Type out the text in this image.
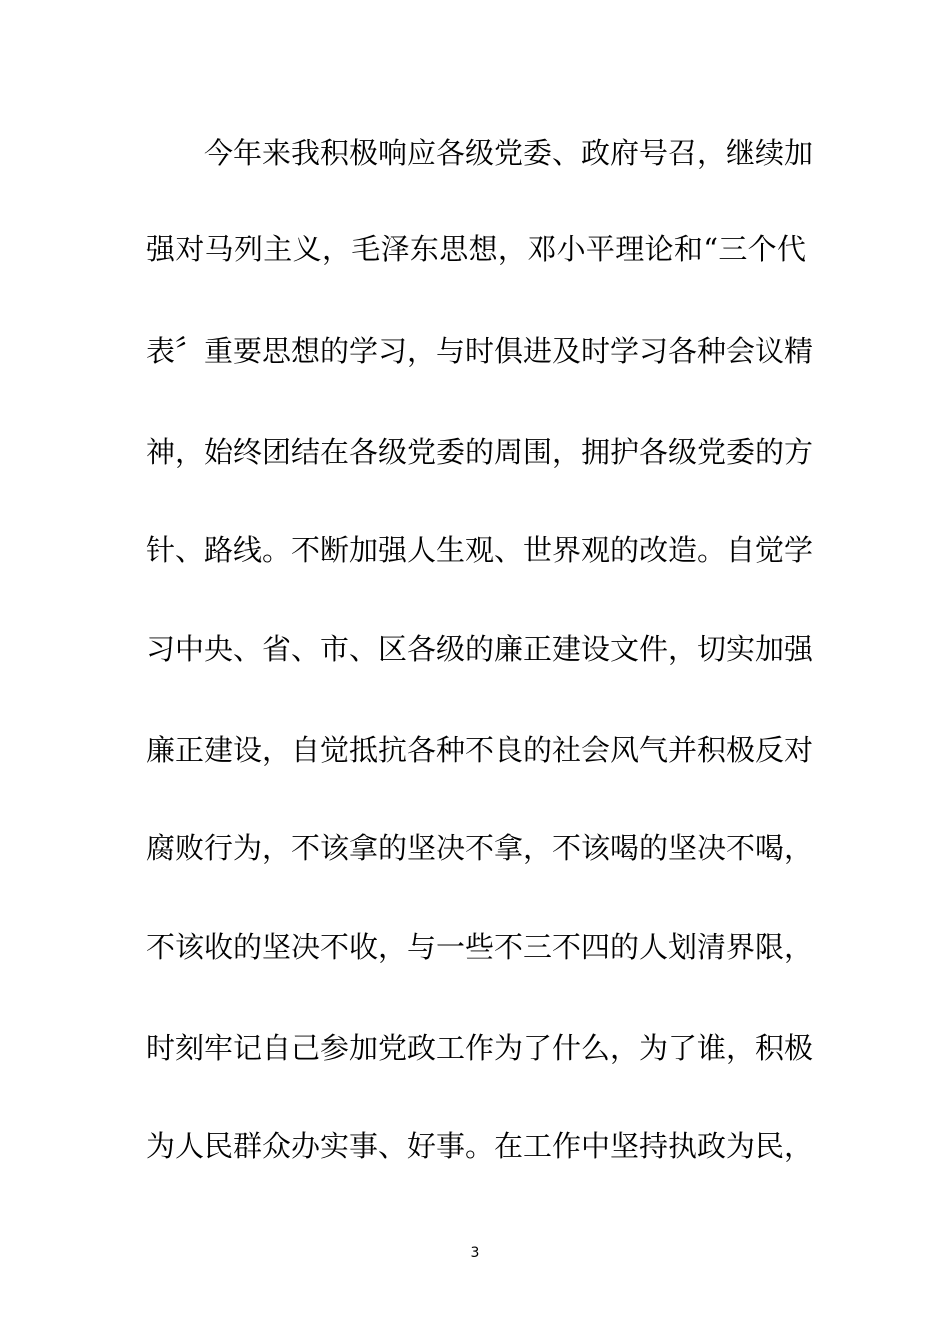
今年来我积极响应各级党委、政府号召，继续加
强对马列主义，毛泽东思想，邓小平理论和“三个代
表〞重要思想的学习，与时俱进及时学习各种会议精
神，始终团结在各级党委的周围，拥护各级党委的方
针、路线。不断加强人生观、世界观的改造。自觉学
习中央、省、市、区各级的廉正建设文件，切实加强
廉正建设，自觉抵抗各种不良的社会风气并积极反对
腐败行为，不该拿的坚决不拿，不该喝的坚决不喝，
不该收的坚决不收，与一些不三不四的人划清界限，
时刻牢记自己参加党政工作为了什么，为了谁，积极
为人民群众办实事、好事。在工作中坚持执政为民，
3
